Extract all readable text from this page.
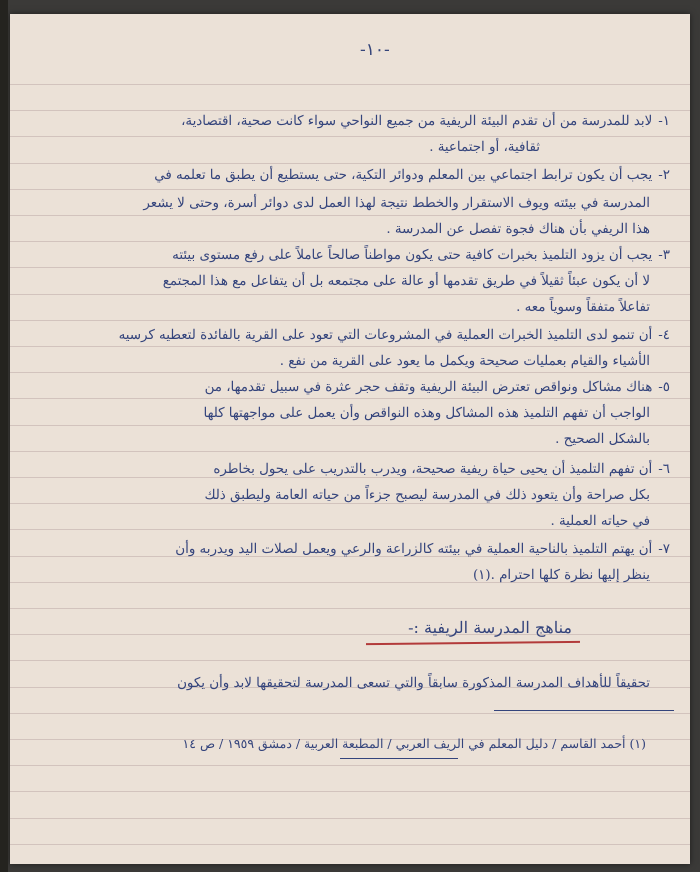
-١٠-
١-لابد للمدرسة من أن تقدم البيئة الريفية من جميع النواحي سواء كانت صحية، اقتصادية،
ثقافية، أو اجتماعية .
٢-يجب أن يكون ترابط اجتماعي بين المعلم ودوائر التكية، حتى يستطيع أن يطبق ما تعلمه في
المدرسة في بيئته ويوف الاستقرار والخطط نتيجة لهذا العمل لدى دوائر أسرة، وحتى لا يشعر
هذا الريفي بأن هناك فجوة تفصل عن المدرسة .
٣-يجب أن يزود التلميذ بخبرات كافية حتى يكون مواطناً صالحاً عاملاً على رفع مستوى بيئته
لا أن يكون عبئاً ثقيلاً في طريق تقدمها أو عالة على مجتمعه بل أن يتفاعل مع هذا المجتمع
تفاعلاً متفقاً وسوياً معه .
٤-أن تنمو لدى التلميذ الخبرات العملية في المشروعات التي تعود على القرية بالفائدة لتعطيه كرسيه
الأشياء والقيام بعمليات صحيحة ويكمل ما يعود على القرية من نفع .
٥-هناك مشاكل ونواقص تعترض البيئة الريفية وتقف حجر عثرة في سبيل تقدمها، من
الواجب أن تفهم التلميذ هذه المشاكل وهذه النواقص وأن يعمل على مواجهتها كلها
بالشكل الصحيح .
٦-أن تفهم التلميذ أن يحيى حياة ريفية صحيحة، ويدرب بالتدريب على يحول بخاطره
بكل صراحة وأن يتعود ذلك في المدرسة ليصبح جزءاً من حياته العامة وليطبق ذلك
في حياته العملية .
٧-أن يهتم التلميذ بالناحية العملية في بيئته كالزراعة والرعي ويعمل لصلات اليد ويدربه وأن
ينظر إليها نظرة كلها احترام .(١)
مناهج المدرسة الريفية :-
تحقيقاً للأهداف المدرسة المذكورة سابقاً والتي تسعى المدرسة لتحقيقها لابد وأن يكون
(١) أحمد القاسم / دليل المعلم في الريف العربي / المطبعة العربية / دمشق ١٩٥٩ / ص ١٤
